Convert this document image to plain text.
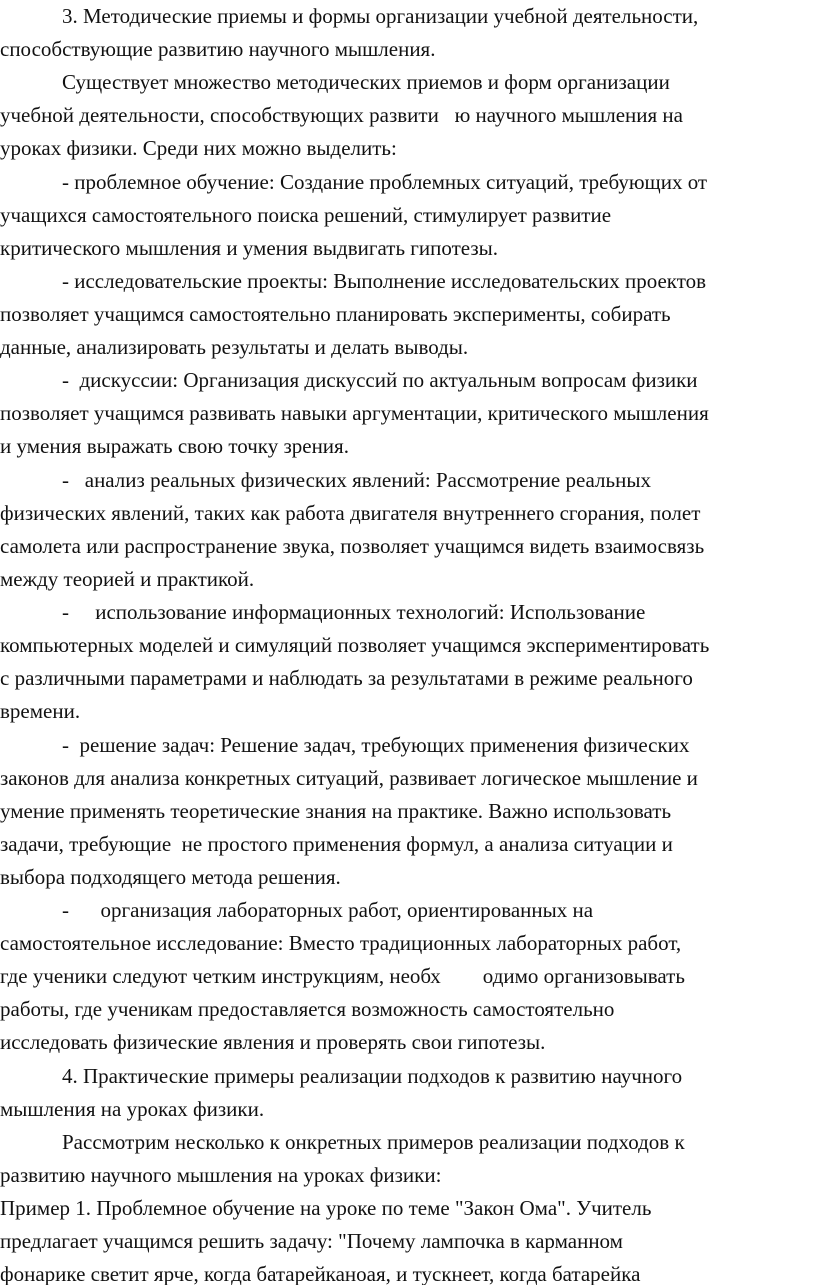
3. Методические приемы и формы организации учебной деятельности,
способствующие развитию научного мышления.
Существует множество методических приемов и форм организации
учебной деятельности, способствующих развити   ю научного мышления на
уроках физики. Среди них можно выделить:
- проблемное обучение: Создание проблемных ситуаций, требующих от
учащихся самостоятельного поиска решений, стимулирует развитие
критического мышления и умения выдвигать гипотезы.
- исследовательские проекты: Выполнение исследовательских проектов
позволяет учащимся самостоятельно планировать эксперименты, собирать
данные, анализировать результаты и делать выводы.
-  дискуссии: Организация дискуссий по актуальным вопросам физики
позволяет учащимся развивать навыки аргументации, критического мышления
и умения выражать свою точку зрения.
-   анализ реальных физических явлений: Рассмотрение реальных
физических явлений, таких как работа двигателя внутреннего сгорания, полет
самолета или распространение звука, позволяет учащимся видеть взаимосвязь
между теорией и практикой.
-     использование информационных технологий: Использование
компьютерных моделей и симуляций позволяет учащимся экспериментировать
с различными параметрами и наблюдать за результатами в режиме реального
времени.
-  решение задач: Решение задач, требующих применения физических
законов для анализа конкретных ситуаций, развивает логическое мышление и
умение применять теоретические знания на практике. Важно использовать
задачи, требующие  не простого применения формул, а анализа ситуации и
выбора подходящего метода решения.
-      организация лабораторных работ, ориентированных на
самостоятельное исследование: Вместо традиционных лабораторных работ,
где ученики следуют четким инструкциям, необх        одимо организовывать
работы, где ученикам предоставляется возможность самостоятельно
исследовать физические явления и проверять свои гипотезы.
4. Практические примеры реализации подходов к развитию научного
мышления на уроках физики.
Рассмотрим несколько к онкретных примеров реализации подходов к
развитию научного мышления на уроках физики:
Пример 1. Проблемное обучение на уроке по теме "Закон Ома". Учитель
предлагает учащимся решить задачу: "Почему лампочка в карманном
фонарике светит ярче, когда батарейканоая, и тускнеет, когда батарейка
